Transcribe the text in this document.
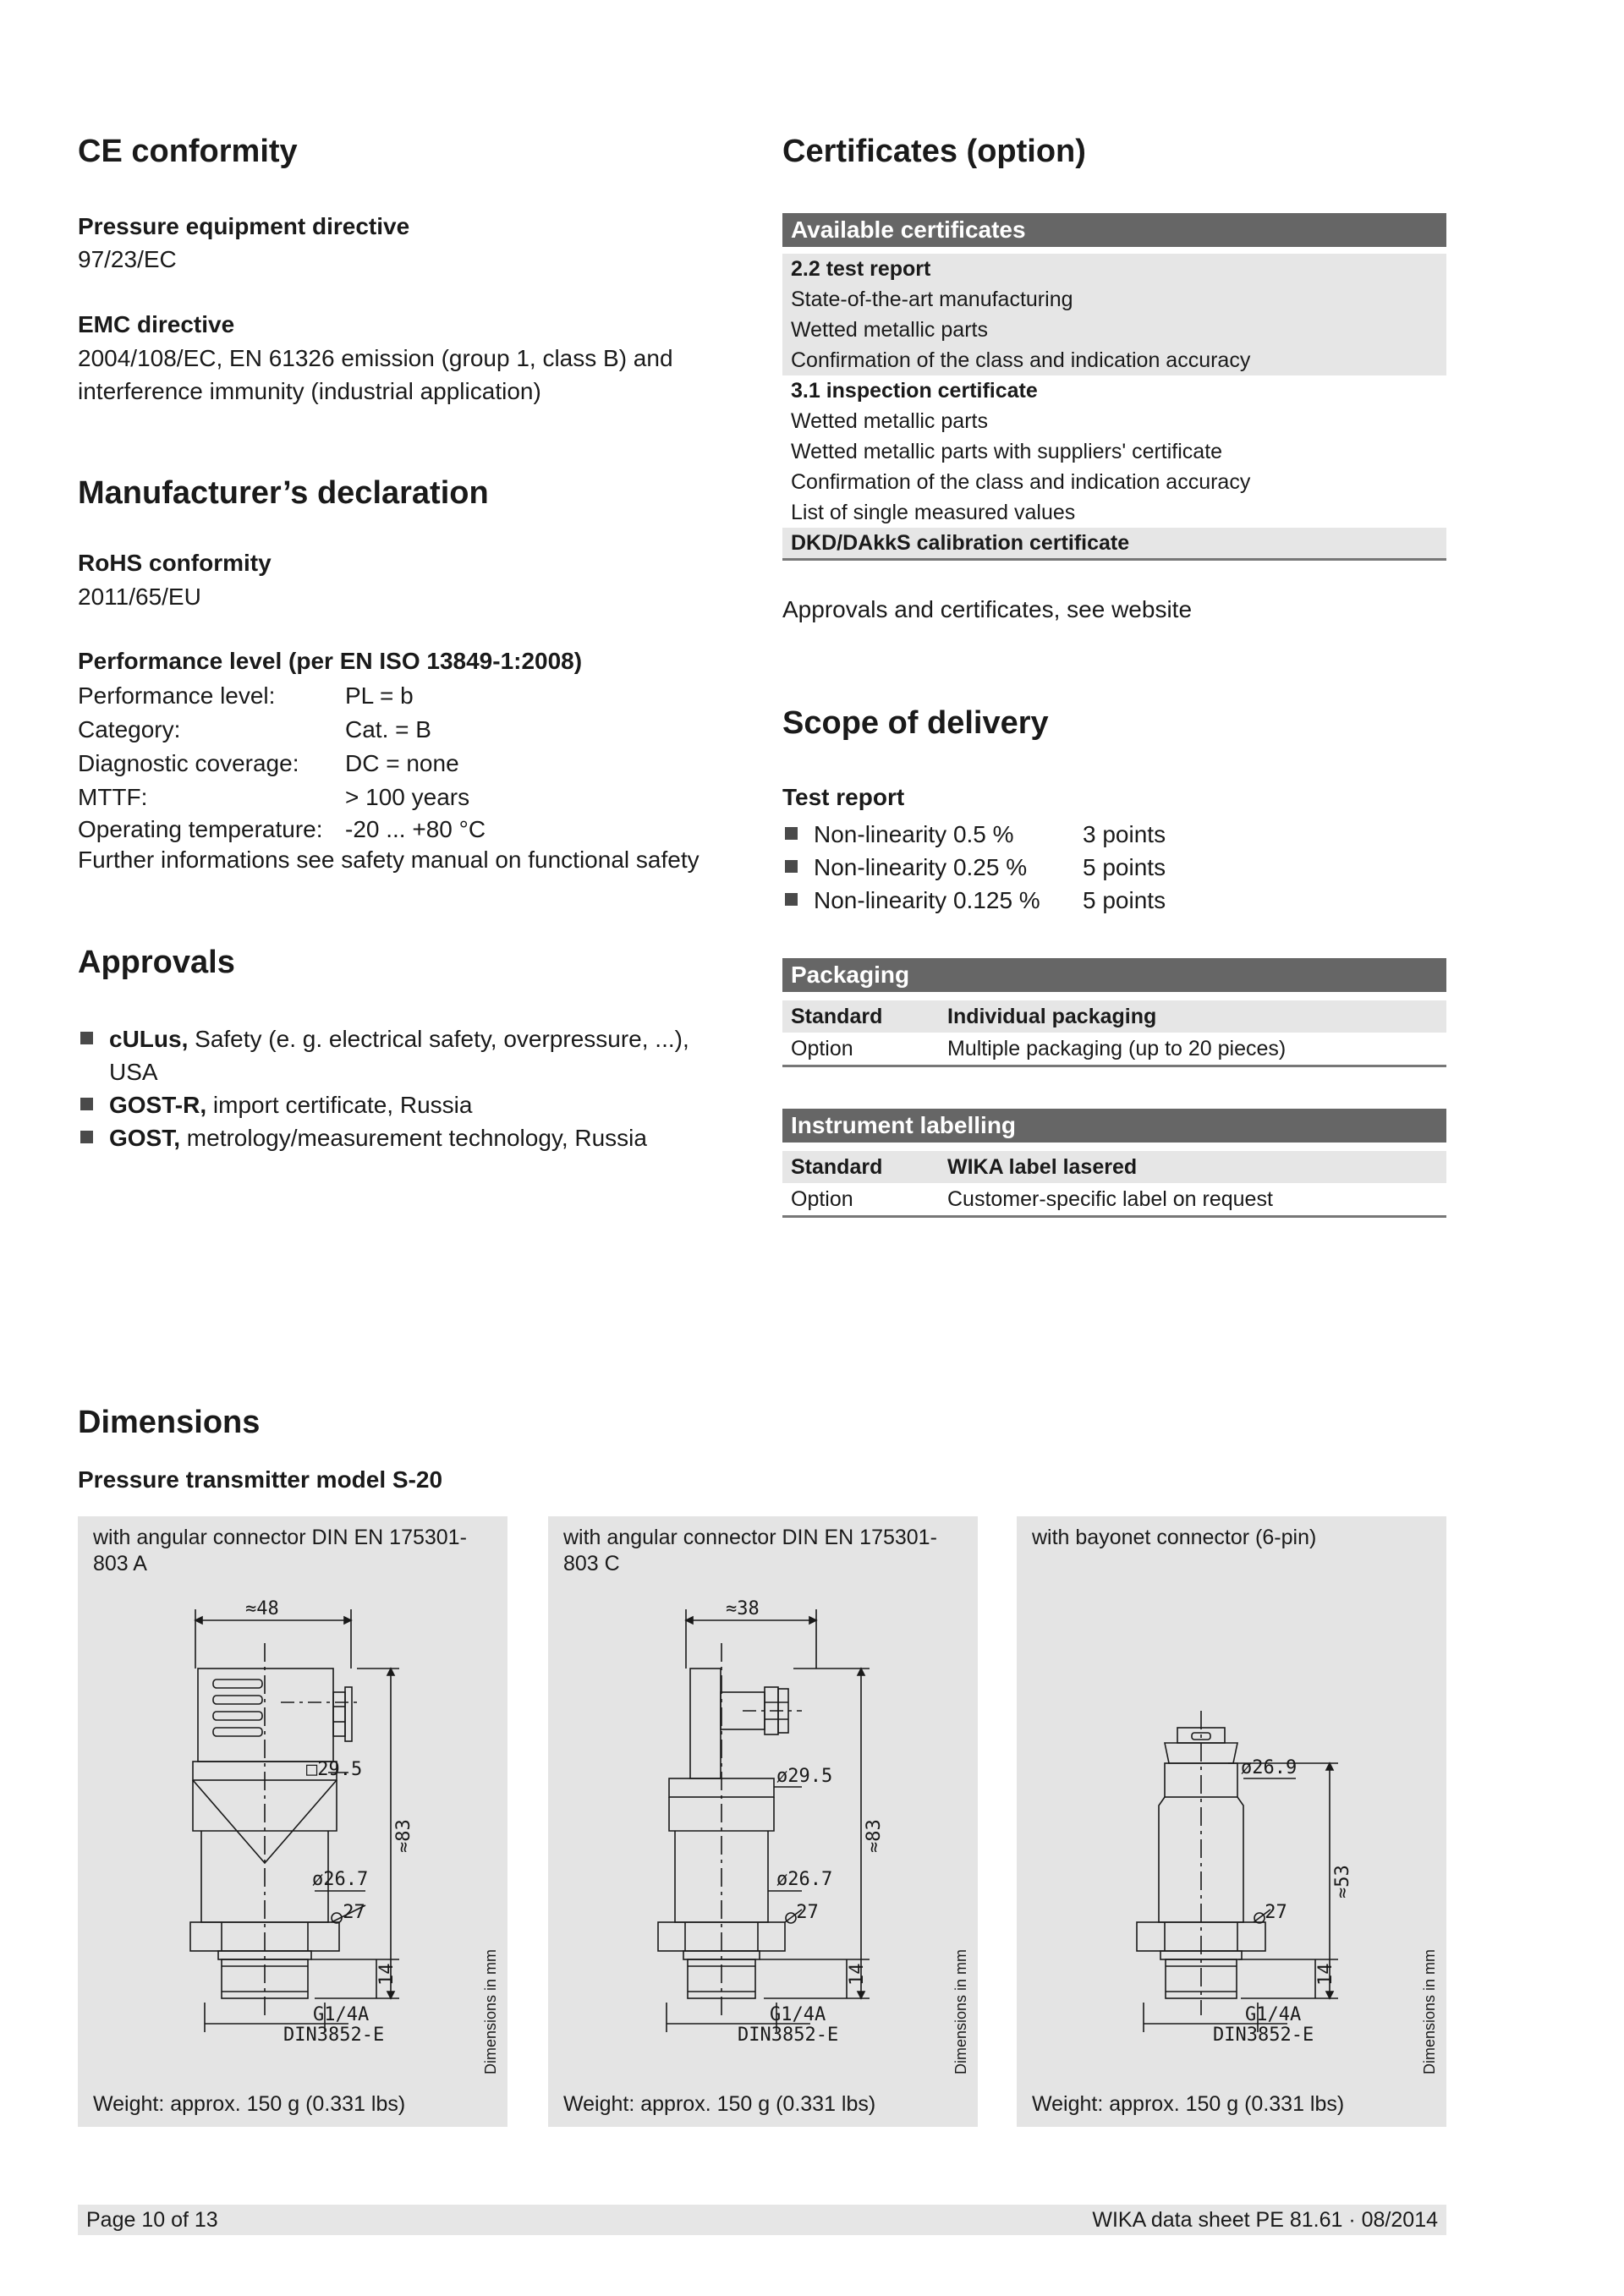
CE conformity
Pressure equipment directive
97/23/EC
EMC directive
2004/108/EC, EN 61326 emission (group 1, class B) and
interference immunity (industrial application)
Manufacturer’s declaration
RoHS conformity
2011/65/EU
Performance level (per EN ISO 13849-1:2008)
Performance level:	PL = b
Category:	Cat. = B
Diagnostic coverage:	DC = none
MTTF:	> 100 years
Operating temperature: -20 ... +80 °C
Further informations see safety manual on functional safety
Approvals
cULus, Safety (e. g. electrical safety, overpressure, ...),
USA
GOST-R, import certificate, Russia
GOST, metrology/measurement technology, Russia
Certificates (option)
Available certificates
2.2 test report
State-of-the-art manufacturing
Wetted metallic parts
Confirmation of the class and indication accuracy
3.1 inspection certificate
Wetted metallic parts
Wetted metallic parts with suppliers' certificate
Confirmation of the class and indication accuracy
List of single measured values
DKD/DAkkS calibration certificate
Approvals and certificates, see website
Scope of delivery
Test report
Non-linearity 0.5 %	3 points
Non-linearity 0.25 %	5 points
Non-linearity 0.125 %	5 points
Packaging
Standard	Individual packaging
Option	Multiple packaging (up to 20 pieces)
Instrument labelling
Standard	WIKA label lasered
Option	Customer-specific label on request
Dimensions
Pressure transmitter model S-20
with angular connector DIN EN 175301-
803 A
≈48
□29.5
ø26.7
 27
G1/4A
DIN3852-E
≈83
14	Dimensions in mm
Weight: approx. 150 g (0.331 lbs)
with angular connector DIN EN 175301-
803 C
≈38
ø29.5
ø26.7
 27
G1/4A
DIN3852-E
≈83
14	Dimensions in mm
Weight: approx. 150 g (0.331 lbs)
with bayonet connector (6-pin)
ø26.9
 27
G1/4A
DIN3852-E
≈53
14	Dimensions in mm
Weight: approx. 150 g (0.331 lbs)
Page 10 of 13	WIKA data sheet PE 81.61 · 08/2014
